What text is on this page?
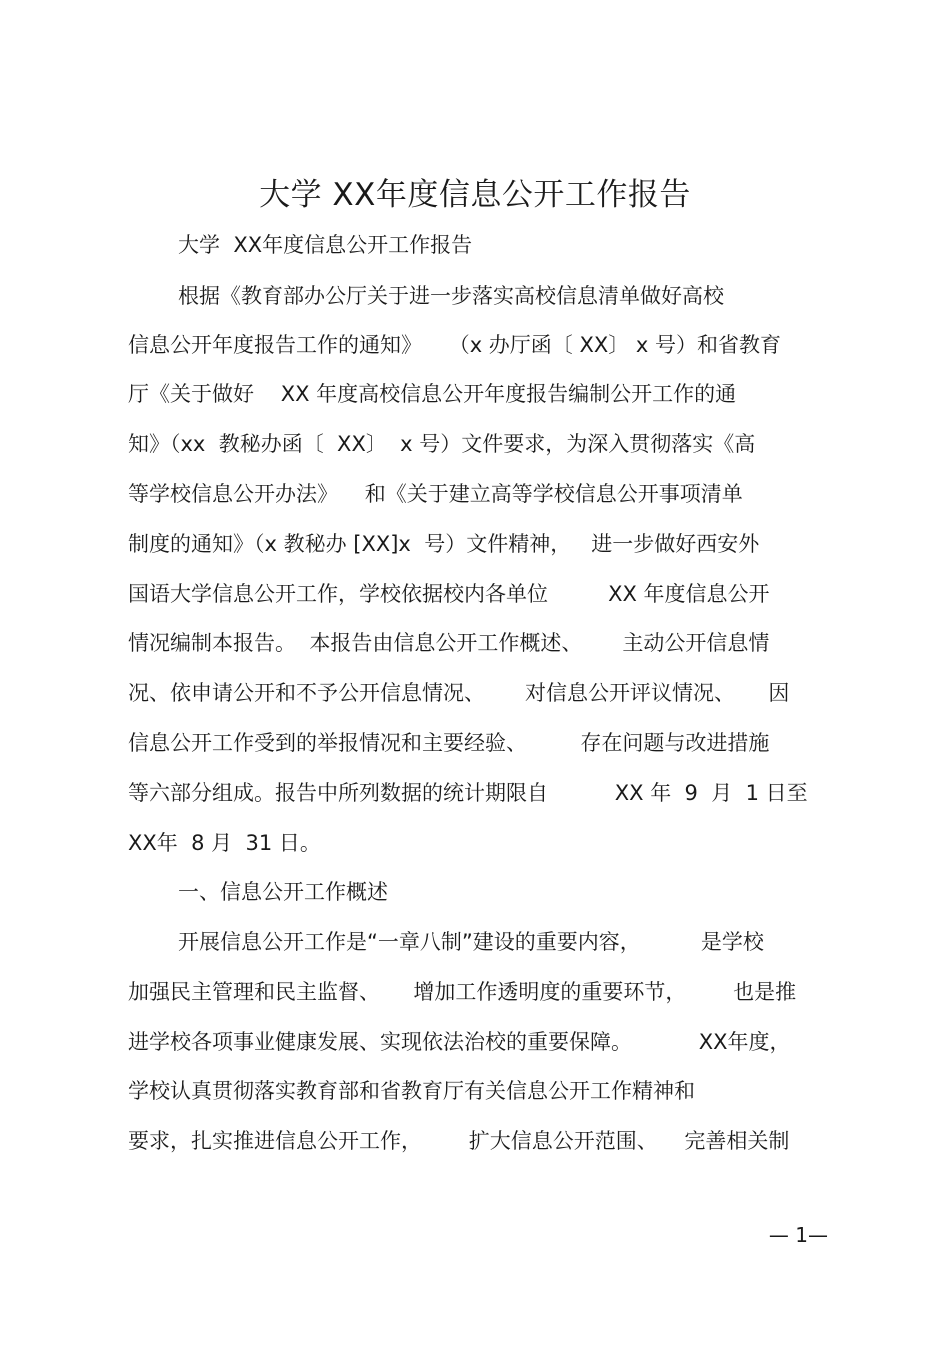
大学 XX年度信息公开工作报告

大学  XX年度信息公开工作报告

根据《教育部办公厅关于进一步落实高校信息清单做好高校

信息公开年度报告工作的通知》    （x 办厅函〔 XX〕 x 号）和省教育

厅《关于做好    XX 年度高校信息公开年度报告编制公开工作的通

知》（xx  教秘办函〔  XX〕  x 号）文件要求，为深入贯彻落实《高

等学校信息公开办法》    和《关于建立高等学校信息公开事项清单

制度的通知》（x 教秘办 [XX]x  号）文件精神，   进一步做好西安外

国语大学信息公开工作，学校依据校内各单位         XX 年度信息公开

情况编制本报告。  本报告由信息公开工作概述、      主动公开信息情

况、依申请公开和不予公开信息情况、      对信息公开评议情况、     因

信息公开工作受到的举报情况和主要经验、        存在问题与改进措施

等六部分组成。报告中所列数据的统计期限自          XX 年  9  月  1 日至

XX年  8 月  31 日。

一、信息公开工作概述

开展信息公开工作是“一章八制”建设的重要内容，         是学校

加强民主管理和民主监督、     增加工作透明度的重要环节，       也是推

进学校各项事业健康发展、实现依法治校的重要保障。          XX年度，

学校认真贯彻落实教育部和省教育厅有关信息公开工作精神和

要求，扎实推进信息公开工作，       扩大信息公开范围、    完善相关制

— 1—
